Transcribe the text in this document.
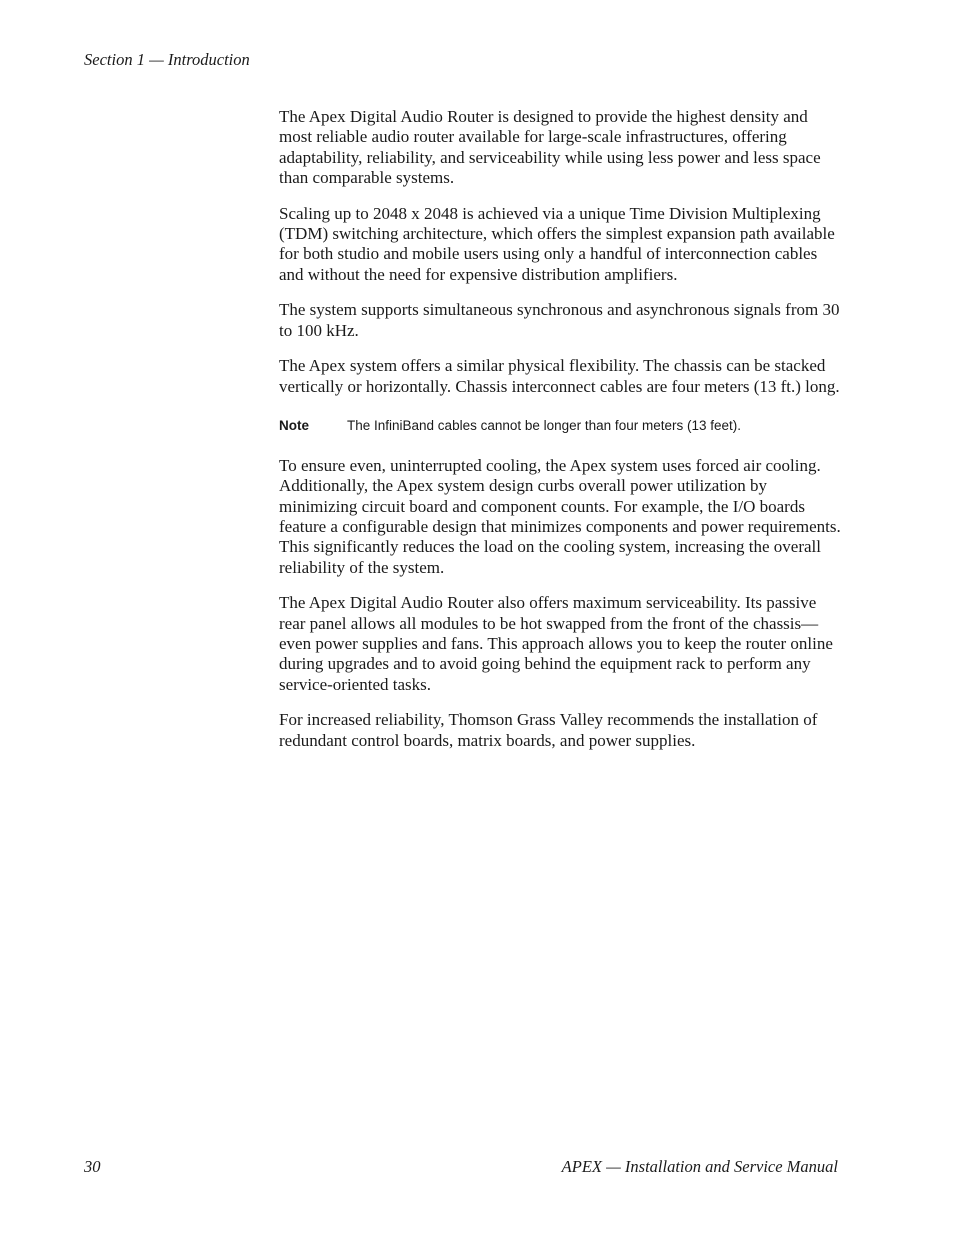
Section 1 — Introduction

The Apex Digital Audio Router is designed to provide the highest density and most reliable audio router available for large-scale infrastructures, offering adaptability, reliability, and serviceability while using less power and less space than comparable systems.

Scaling up to 2048 x 2048 is achieved via a unique Time Division Multiplexing (TDM) switching architecture, which offers the simplest expansion path available for both studio and mobile users using only a handful of interconnection cables and without the need for expensive distribution amplifiers.

The system supports simultaneous synchronous and asynchronous signals from 30 to 100 kHz.

The Apex system offers a similar physical flexibility. The chassis can be stacked vertically or horizontally. Chassis interconnect cables are four meters (13 ft.) long.

Note	The InfiniBand cables cannot be longer than four meters (13 feet).

To ensure even, uninterrupted cooling, the Apex system uses forced air cooling. Additionally, the Apex system design curbs overall power utilization by minimizing circuit board and component counts. For example, the I/O boards feature a configurable design that minimizes components and power requirements. This significantly reduces the load on the cooling system, increasing the overall reliability of the system.

The Apex Digital Audio Router also offers maximum serviceability. Its passive rear panel allows all modules to be hot swapped from the front of the chassis—even power supplies and fans. This approach allows you to keep the router online during upgrades and to avoid going behind the equipment rack to perform any service-oriented tasks.

For increased reliability, Thomson Grass Valley recommends the installation of redundant control boards, matrix boards, and power supplies.

30	APEX — Installation and Service Manual
